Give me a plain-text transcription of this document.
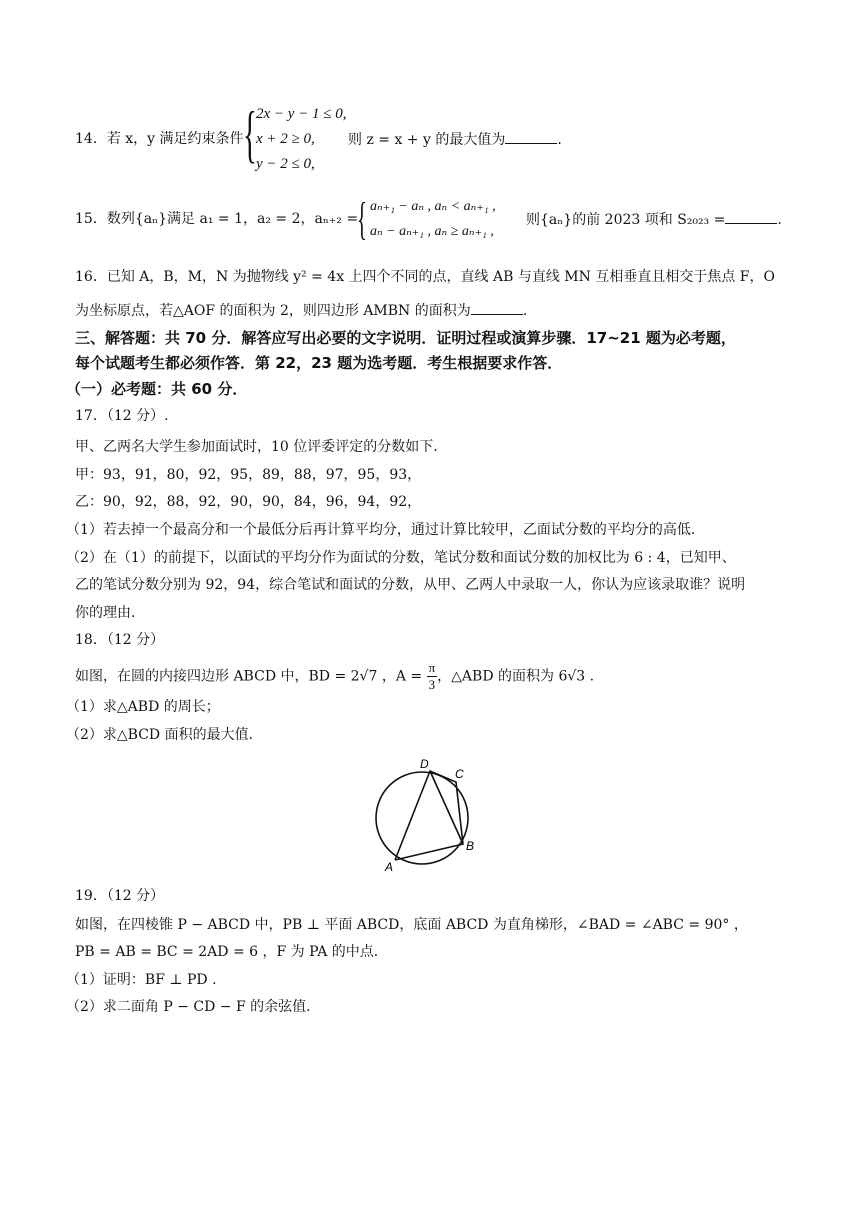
{ 2x − y − 1 ≤ 0,
14．若 x，y 满足约束条件 x + 2 ≥ 0, 则 z = x + y 的最大值为	.
y − 2 ≤ 0,
{ aₙ₊₁ − aₙ , aₙ < aₙ₊₁ ,
15．数列{aₙ}满足 a₁ = 1，a₂ = 2，aₙ₊₂ =	则{aₙ}的前 2023 项和 S₂₀₂₃ =	.
aₙ − aₙ₊₁ , aₙ ≥ aₙ₊₁ ,
16．已知 A，B，M，N 为抛物线 y² = 4x 上四个不同的点，直线 AB 与直线 MN 互相垂直且相交于焦点 F，O
为坐标原点，若△AOF 的面积为 2，则四边形 AMBN 的面积为	.
三、解答题：共 70 分．解答应写出必要的文字说明．证明过程或演算步骤．17~21 题为必考题，
每个试题考生都必须作答．第 22，23 题为选考题．考生根据要求作答．
（一）必考题：共 60 分．
17．（12 分）.
甲、乙两名大学生参加面试时，10 位评委评定的分数如下．
甲：93，91，80，92，95，89，88，97，95，93，
乙：90，92，88，92，90，90，84，96，94，92，
（1）若去掉一个最高分和一个最低分后再计算平均分，通过计算比较甲，乙面试分数的平均分的高低．
（2）在（1）的前提下，以面试的平均分作为面试的分数，笔试分数和面试分数的加权比为 6 : 4，已知甲、
乙的笔试分数分别为 92，94，综合笔试和面试的分数，从甲、乙两人中录取一人，你认为应该录取谁？说明
你的理由．
18．（12 分）
如图，在圆的内接四边形 ABCD 中，BD = 2√7 ，$A = \frac{\pi}{3}$ ，△ABD 的面积为 6√3 .
（1）求△ABD 的周长；
（2）求△BCD 面积的最大值．
A
B
C
D
19．（12 分）
如图，在四棱锥 P − ABCD 中，PB ⊥ 平面 ABCD，底面 ABCD 为直角梯形，∠BAD = ∠ABC = 90° ，
PB = AB = BC = 2AD = 6 ，F 为 PA 的中点．
（1）证明：BF ⊥ PD .
（2）求二面角 P − CD − F 的余弦值．
